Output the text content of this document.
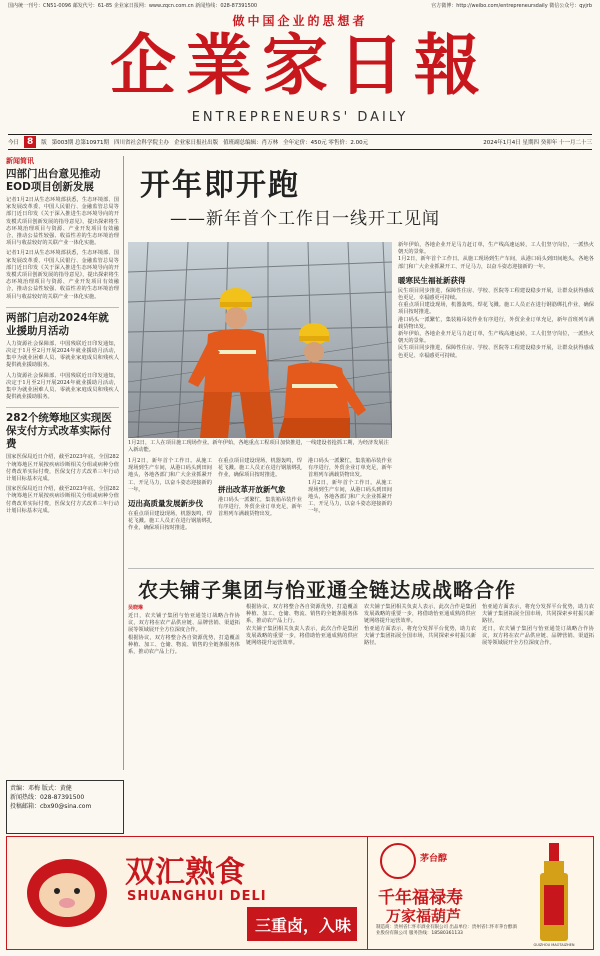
国内统一刊号：CN51-0096 邮发代号：61-85 企业家日报网：www.zqcn.com.cn 新闻热线：028-87391500	官方微博：http://weibo.com/entrepreneursdaily 微信公众号：qyjrb
做中国企业的思想者
企業家日報
ENTREPRENEURS' DAILY
今日 8	版 第003期 总第10971期 四川省社会科学院主办 企业家日报社出版 值班副总编辑：肖万林 全年定价：450元 零售价：2.00元	2024年1月4日 星期四 癸卯年 十一月二十三
新闻简讯
四部门出台意见推动EOD项目创新发展
记者1月2日从生态环境部获悉，生态环境部、国家发展改革委、中国人民银行、金融监管总局等部门近日印发《关于深入推进生态环境导向的开发模式项目创新发展的指导意见》，提出探索将生态环境治理项目与资源、产业开发项目有效融合，推动公益性较强、收益性差的生态环境治理项目与收益较好的关联产业一体化实施。
记者1月2日从生态环境部获悉，生态环境部、国家发展改革委、中国人民银行、金融监管总局等部门近日印发《关于深入推进生态环境导向的开发模式项目创新发展的指导意见》，提出探索将生态环境治理项目与资源、产业开发项目有效融合，推动公益性较强、收益性差的生态环境治理项目与收益较好的关联产业一体化实施。
两部门启动2024年就业援助月活动
人力资源社会保障部、中国残联近日印发通知，决定于1月至2月开展2024年就业援助月活动，集中为就业困难人员、零就业家庭成员和残疾人提供就业援助服务。
人力资源社会保障部、中国残联近日印发通知，决定于1月至2月开展2024年就业援助月活动，集中为就业困难人员、零就业家庭成员和残疾人提供就业援助服务。
282个统筹地区实现医保支付方式改革实际付费
国家医保局近日介绍，截至2023年底，全国282个统筹地区开展按疾病诊断相关分组或病种分值付费改革实际付费，医保支付方式改革三年行动计划目标基本完成。
国家医保局近日介绍，截至2023年底，全国282个统筹地区开展按疾病诊断相关分组或病种分值付费改革实际付费，医保支付方式改革三年行动计划目标基本完成。
开年即开跑
——新年首个工作日一线开工见闻
1月2日，工人在项目施工现场作业。新年伊始，各地重点工程项目加快推进，一线建设者抢抓工期，为经济发展注入新动能。
1月2日，新年首个工作日。从施工现场到生产车间，从港口码头到田间地头，各地各部门和广大企业抓紧开工、开足马力，以奋斗姿态迎接新的一年。
迈出高质量发展新步伐
在重点项目建设现场，机器轰鸣，焊花飞溅。施工人员正在进行钢筋绑扎作业，确保项目按时推进。
在重点项目建设现场，机器轰鸣，焊花飞溅。施工人员正在进行钢筋绑扎作业，确保项目按时推进。
拼出改革开放新气象
港口码头一派繁忙，集装箱吊装作业有序进行，外贸企业订单充足，新年首班列车满载货物出发。
港口码头一派繁忙，集装箱吊装作业有序进行，外贸企业订单充足，新年首班列车满载货物出发。
1月2日，新年首个工作日。从施工现场到生产车间，从港口码头到田间地头，各地各部门和广大企业抓紧开工、开足马力，以奋斗姿态迎接新的一年。
新年伊始，各地企业开足马力赶订单，生产线高速运转，工人们坚守岗位，一派热火朝天的景象。
1月2日，新年首个工作日。从施工现场到生产车间，从港口码头到田间地头，各地各部门和广大企业抓紧开工、开足马力，以奋斗姿态迎接新的一年。
暖寒民生福祉新获得
民生项目同步推进，保障性住房、学校、医院等工程建设稳步开展，让群众获得感成色更足、幸福感更可持续。
在重点项目建设现场，机器轰鸣，焊花飞溅。施工人员正在进行钢筋绑扎作业，确保项目按时推进。
港口码头一派繁忙，集装箱吊装作业有序进行，外贸企业订单充足，新年首班列车满载货物出发。
新年伊始，各地企业开足马力赶订单，生产线高速运转，工人们坚守岗位，一派热火朝天的景象。
民生项目同步推进，保障性住房、学校、医院等工程建设稳步开展，让群众获得感成色更足、幸福感更可持续。
农夫铺子集团与怡亚通全链达成战略合作
吴晓琳
近日，农夫铺子集团与怡亚通签订战略合作协议，双方将在农产品供应链、品牌营销、渠道拓展等领域展开全方位深度合作。
根据协议，双方将整合各自资源优势，打造覆盖种植、加工、仓储、物流、销售的全链条服务体系，推动农产品上行。
根据协议，双方将整合各自资源优势，打造覆盖种植、加工、仓储、物流、销售的全链条服务体系，推动农产品上行。
农夫铺子集团相关负责人表示，此次合作是集团发展战略的重要一步，将借助怡亚通成熟的供应链网络提升运营效率。
农夫铺子集团相关负责人表示，此次合作是集团发展战略的重要一步，将借助怡亚通成熟的供应链网络提升运营效率。
怡亚通方面表示，将充分发挥平台优势，助力农夫铺子集团拓展全国市场，共同探索乡村振兴新路径。
怡亚通方面表示，将充分发挥平台优势，助力农夫铺子集团拓展全国市场，共同探索乡村振兴新路径。
近日，农夫铺子集团与怡亚通签订战略合作协议，双方将在农产品供应链、品牌营销、渠道拓展等领域展开全方位深度合作。
责编：邓梅 版式：黄健
新闻热线：028-87391500
投稿邮箱：cbx90@sina.com
双汇熟食
SHUANGHUI DELI
三重卤，入味
茅台醇
千年福禄寿
万家福葫芦
制造商：贵州省仁怀市酒业有限公司 出品单位：贵州省仁怀市茅台醇酒业股份有限公司 服务热线：18580361133
GUIZHOU MAOTAIZHEN
